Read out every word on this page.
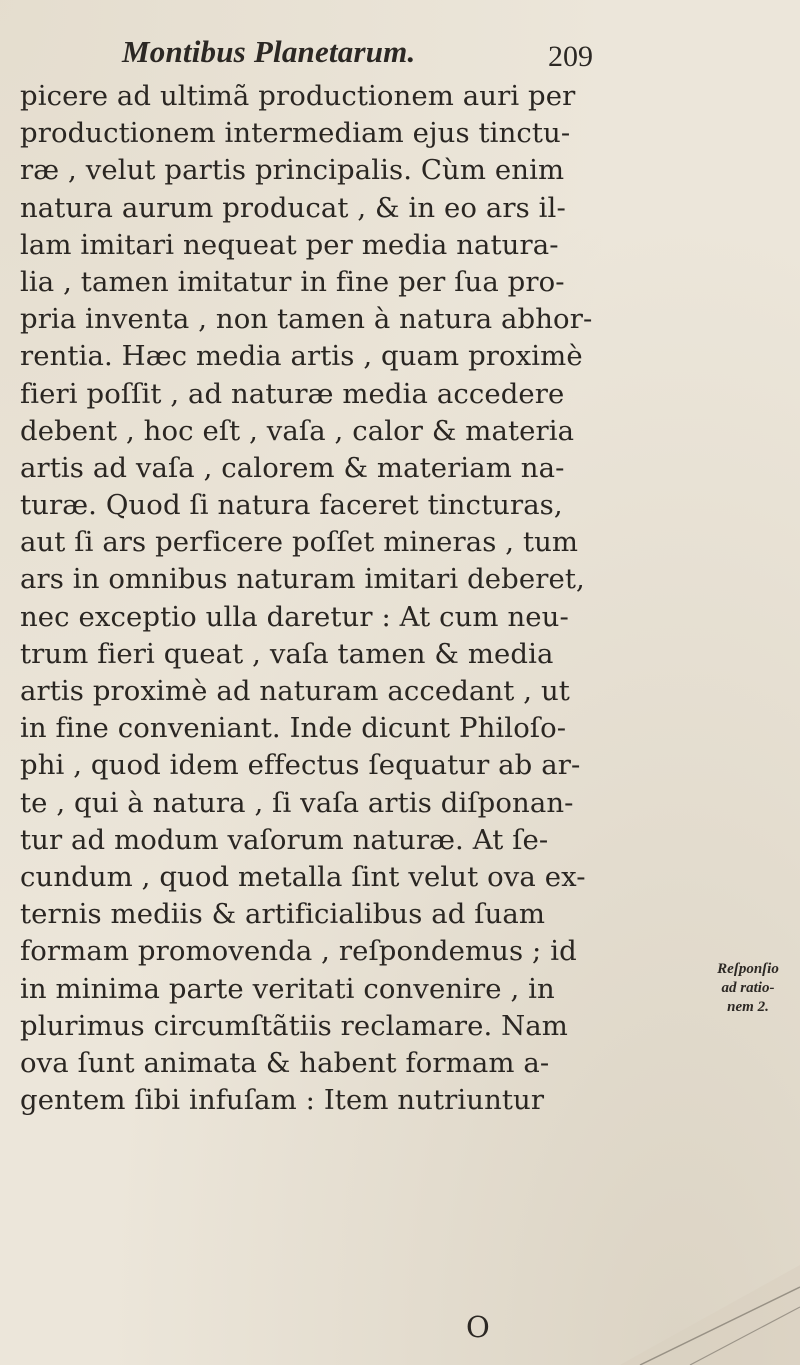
Montibus Planetarum.	209
picere ad ultimã productionem auri per
productionem intermediam ejus tinctu-
ræ , velut partis principalis. Cùm enim
natura aurum producat , & in eo ars il-
lam imitari nequeat per media natura-
lia , tamen imitatur in fine per ſua pro-
pria inventa , non tamen à natura abhor-
rentia. Hæc media artis , quam proximè
fieri poſſit , ad naturæ media accedere
debent , hoc eſt , vaſa , calor & materia
artis ad vaſa , calorem & materiam na-
turæ. Quod ſi natura faceret tincturas,
aut ſi ars perficere poſſet mineras , tum
ars in omnibus naturam imitari deberet,
nec exceptio ulla daretur : At cum neu-
trum fieri queat , vaſa tamen & media
artis proximè ad naturam accedant , ut
in fine conveniant. Inde dicunt Philoſo-
phi , quod idem effectus ſequatur ab ar-
te , qui à natura , ſi vaſa artis diſponan-
tur ad modum vaſorum naturæ. At ſe-
cundum , quod metalla ſint velut ova ex-
ternis mediis & artificialibus ad ſuam
formam promovenda , reſpondemus ; id
in minima parte veritati convenire , in
plurimus circumſtãtiis reclamare. Nam
ova ſunt animata & habent formam a-
gentem ſibi infuſam : Item nutriuntur
Reſponſio
ad ratio-
nem 2.
O
